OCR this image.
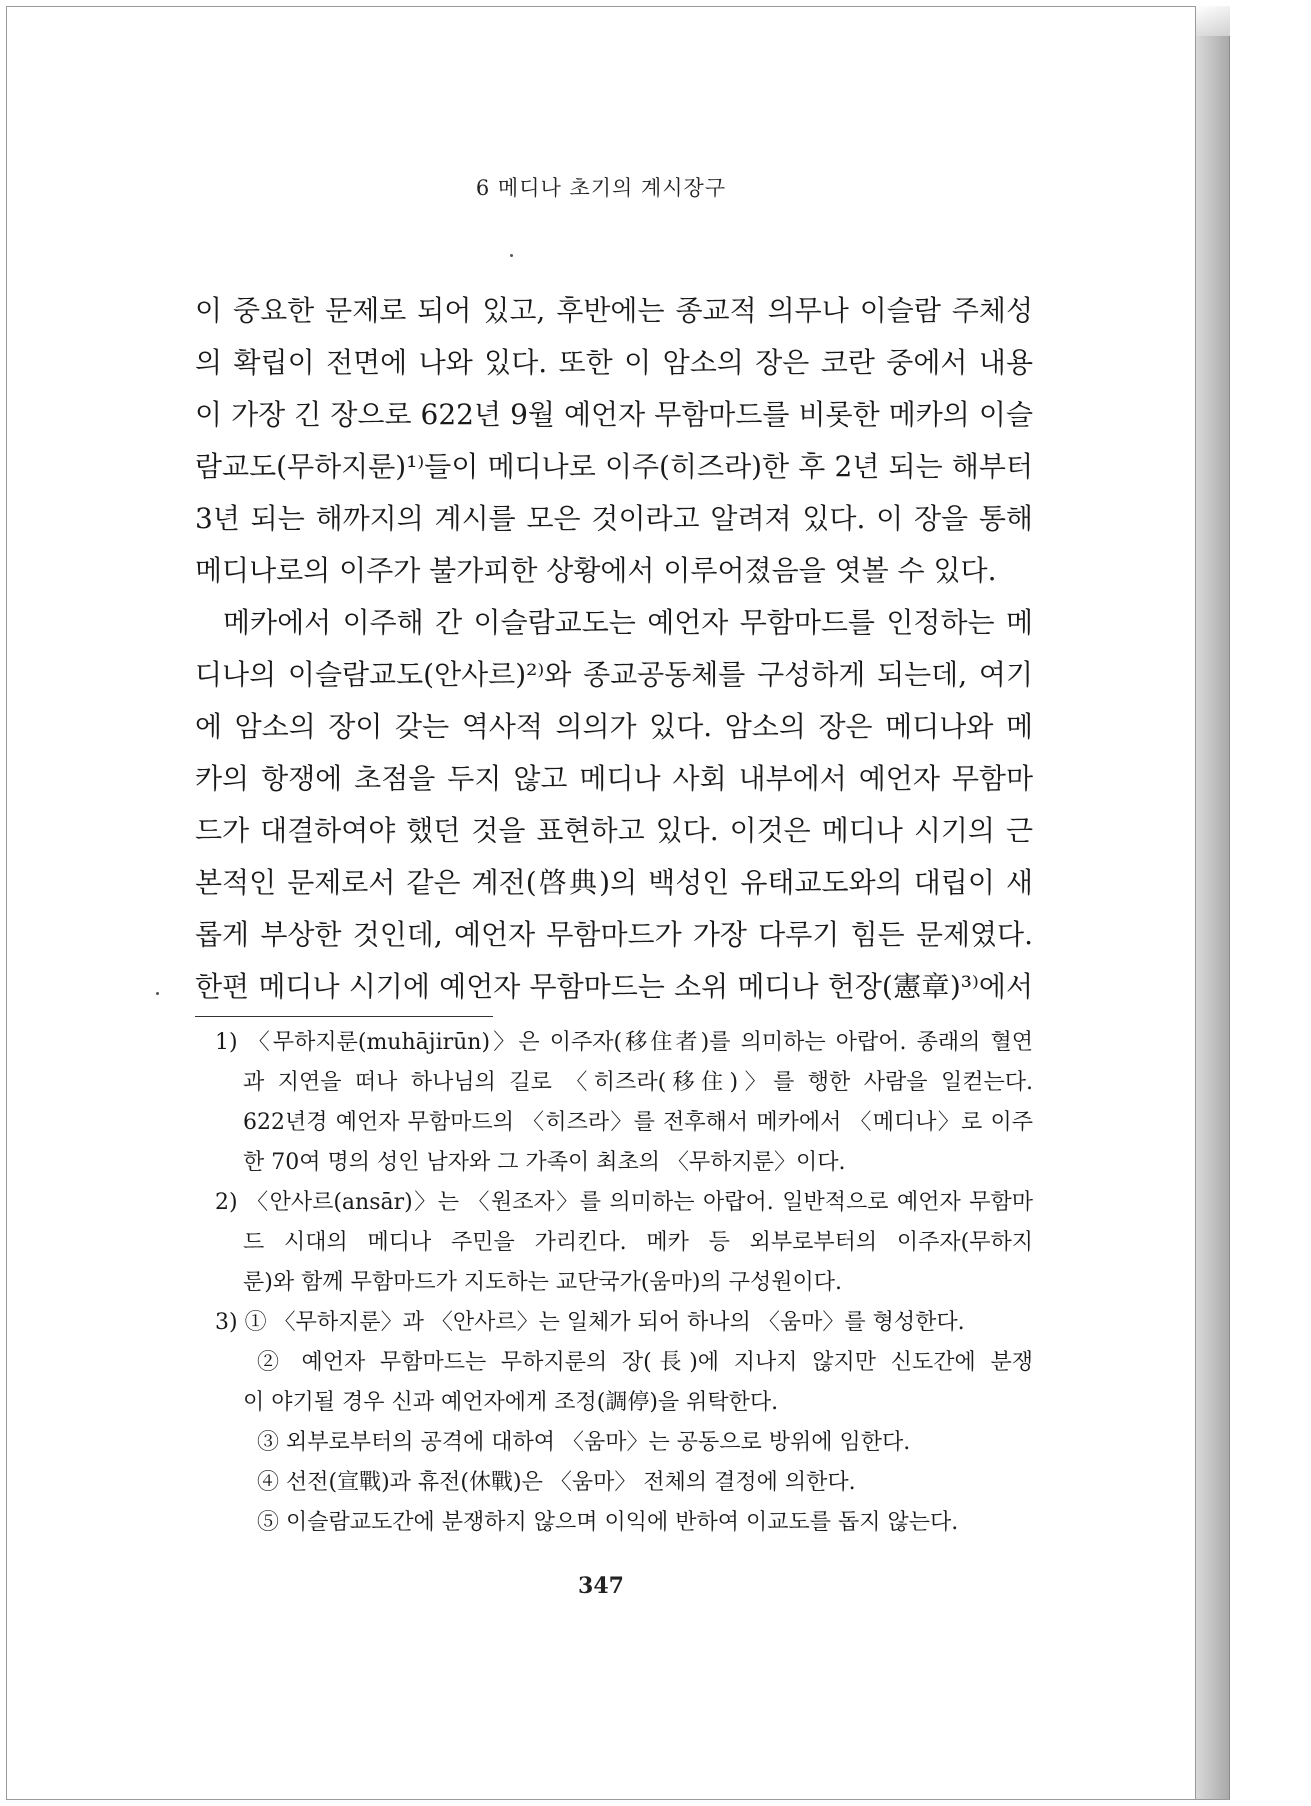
6 메디나 초기의 계시장구
이 중요한 문제로 되어 있고, 후반에는 종교적 의무나 이슬람 주체성
의 확립이 전면에 나와 있다. 또한 이 암소의 장은 코란 중에서 내용
이 가장 긴 장으로 622년 9월 예언자 무함마드를 비롯한 메카의 이슬
람교도(무하지룬)¹⁾들이 메디나로 이주(히즈라)한 후 2년 되는 해부터
3년 되는 해까지의 계시를 모은 것이라고 알려져 있다. 이 장을 통해
메디나로의 이주가 불가피한 상황에서 이루어졌음을 엿볼 수 있다.
메카에서 이주해 간 이슬람교도는 예언자 무함마드를 인정하는 메
디나의 이슬람교도(안사르)²⁾와 종교공동체를 구성하게 되는데, 여기
에 암소의 장이 갖는 역사적 의의가 있다. 암소의 장은 메디나와 메
카의 항쟁에 초점을 두지 않고 메디나 사회 내부에서 예언자 무함마
드가 대결하여야 했던 것을 표현하고 있다. 이것은 메디나 시기의 근
본적인 문제로서 같은 계전(啓典)의 백성인 유태교도와의 대립이 새
롭게 부상한 것인데, 예언자 무함마드가 가장 다루기 힘든 문제였다.
한편 메디나 시기에 예언자 무함마드는 소위 메디나 헌장(憲章)³⁾에서
1) 〈무하지룬(muhājirūn)〉은 이주자(移住者)를 의미하는 아랍어. 종래의 혈연
과 지연을 떠나 하나님의 길로 〈히즈라(移住)〉를 행한 사람을 일컫는다.
622년경 예언자 무함마드의 〈히즈라〉를 전후해서 메카에서 〈메디나〉로 이주
한 70여 명의 성인 남자와 그 가족이 최초의 〈무하지룬〉이다.
2) 〈안사르(ansār)〉는 〈원조자〉를 의미하는 아랍어. 일반적으로 예언자 무함마
드 시대의 메디나 주민을 가리킨다. 메카 등 외부로부터의 이주자(무하지
룬)와 함께 무함마드가 지도하는 교단국가(움마)의 구성원이다.
3) ① 〈무하지룬〉과 〈안사르〉는 일체가 되어 하나의 〈움마〉를 형성한다.
② 예언자 무함마드는 무하지룬의 장(長)에 지나지 않지만 신도간에 분쟁
이 야기될 경우 신과 예언자에게 조정(調停)을 위탁한다.
③ 외부로부터의 공격에 대하여 〈움마〉는 공동으로 방위에 임한다.
④ 선전(宣戰)과 휴전(休戰)은 〈움마〉 전체의 결정에 의한다.
⑤ 이슬람교도간에 분쟁하지 않으며 이익에 반하여 이교도를 돕지 않는다.
347
